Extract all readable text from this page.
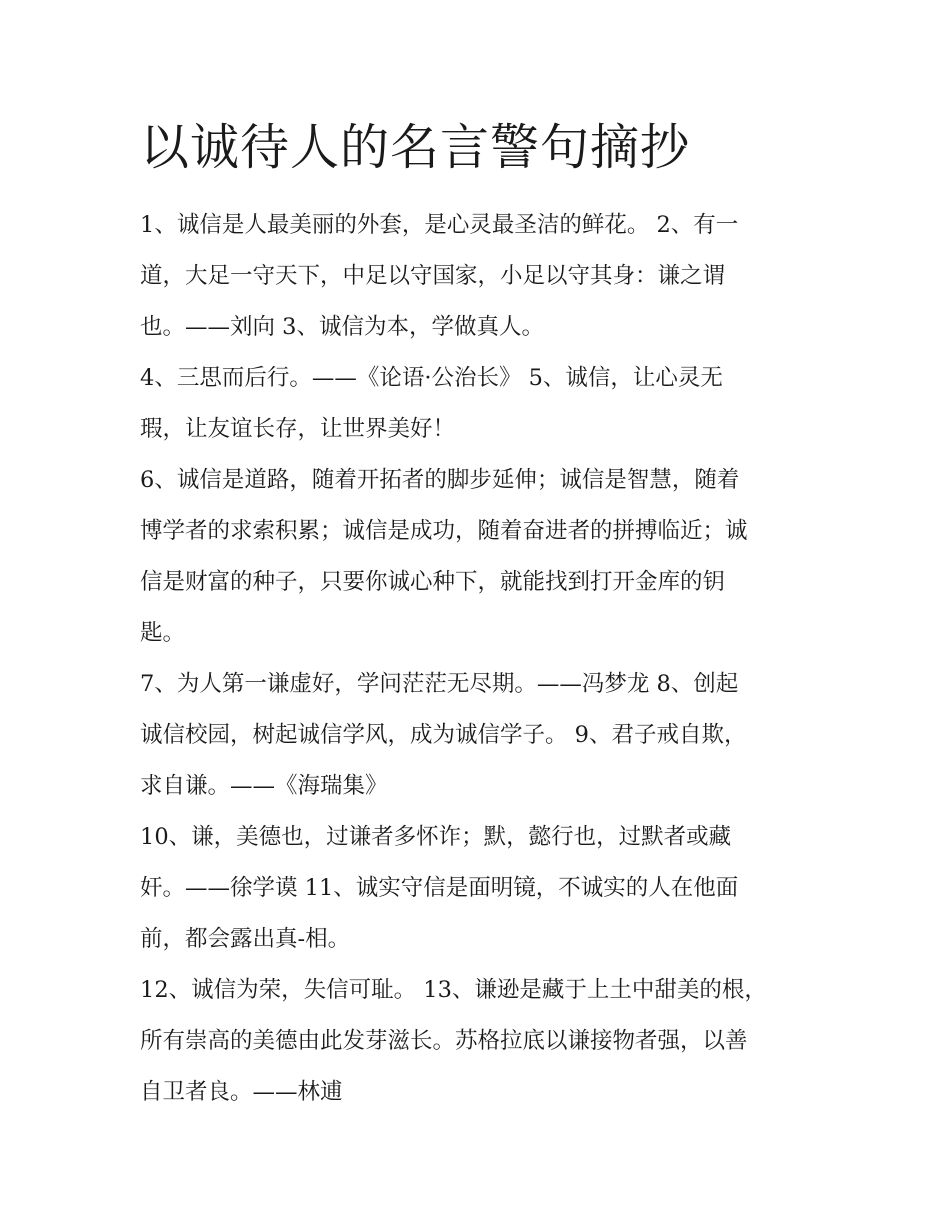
以诚待人的名言警句摘抄

1、诚信是人最美丽的外套，是心灵最圣洁的鲜花。 2、有一
道，大足一守天下，中足以守国家，小足以守其身：谦之谓
也。——刘向 3、诚信为本，学做真人。

4、三思而后行。——《论语·公治长》 5、诚信，让心灵无
瑕，让友谊长存，让世界美好！

6、诚信是道路，随着开拓者的脚步延伸；诚信是智慧，随着
博学者的求索积累；诚信是成功，随着奋进者的拼搏临近；诚
信是财富的种子，只要你诚心种下，就能找到打开金库的钥
匙。

7、为人第一谦虚好，学问茫茫无尽期。——冯梦龙 8、创起
诚信校园，树起诚信学风，成为诚信学子。 9、君子戒自欺，
求自谦。——《海瑞集》

10、谦，美德也，过谦者多怀诈；默，懿行也，过默者或藏
奸。——徐学谟 11、诚实守信是面明镜，不诚实的人在他面
前，都会露出真-相。

12、诚信为荣，失信可耻。 13、谦逊是藏于上土中甜美的根，
所有崇高的美德由此发芽滋长。苏格拉底以谦接物者强，以善
自卫者良。——林逋
